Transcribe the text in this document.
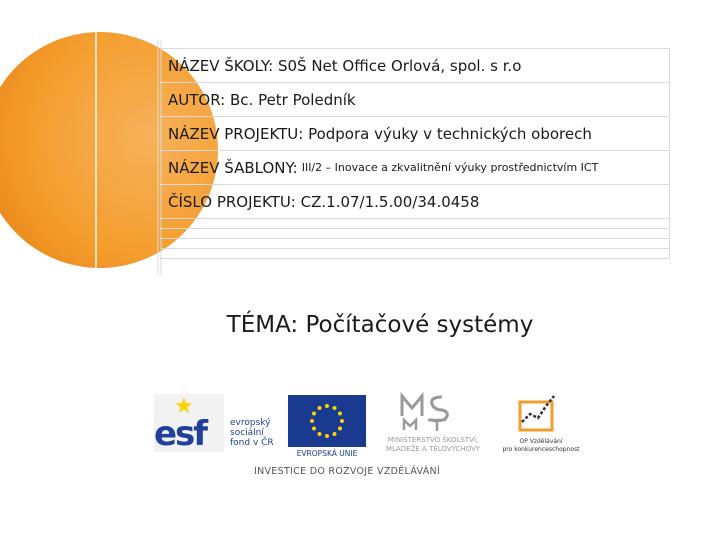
NÁZEV ŠKOLY: S0Š Net Office Orlová, spol. s r.o
AUTOR: Bc. Petr Poledník
NÁZEV PROJEKTU: Podpora výuky v technických oborech
NÁZEV ŠABLONY: III/2 – Inovace a zkvalitnění výuky prostřednictvím ICT
ČÍSLO PROJEKTU: CZ.1.07/1.5.00/34.0458
TÉMA: Počítačové systémy
★
esf	evropský
sociální
fond v ČR
EVROPSKÁ UNIE
MINISTERSTVO ŠKOLSTVÍ,
MLÁDEŽE A TĚLOVÝCHOVY
OP Vzdělávání
pro konkurenceschopnost
INVESTICE DO ROZVOJE VZDĚLÁVÁNÍ
